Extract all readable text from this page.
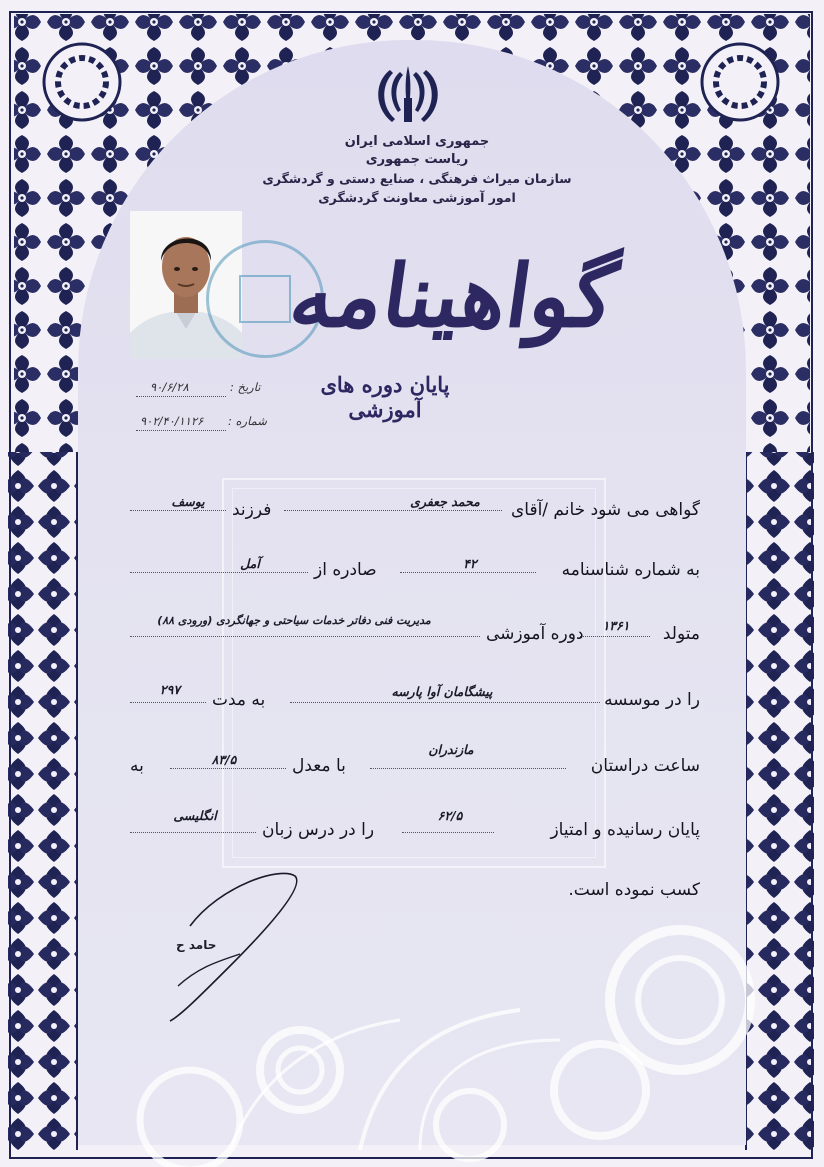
جمهوری اسلامی ایران
ریاست جمهوری
سازمان میراث فرهنگی ، صنایع دستی و گردشگری
امور آموزشی معاونت گردشگری
گواهینامه
پایان دوره های آموزشی
۹۰/۶/۲۸	تاریخ :
۹۰۲/۴۰/۱۱۲۶ شماره :
گواهی می شود خانم /آقای
محمد جعفری
فرزند
یوسف
به شماره شناسنامه
۴۲
صادره از
آمل
متولد
۱۳۶۱
دوره آموزشی
مدیریت فنی دفاتر خدمات سیاحتی و جهانگردی (ورودی ۸۸)
را در موسسه
پیشگامان آوا پارسه
به مدت
۲۹۷
ساعت دراستان
مازندران
با معدل
۸۳/۵
به
پایان رسانیده و امتیاز
۶۲/۵
را در درس زبان
انگلیسی
کسب نموده است.
حامد ح
